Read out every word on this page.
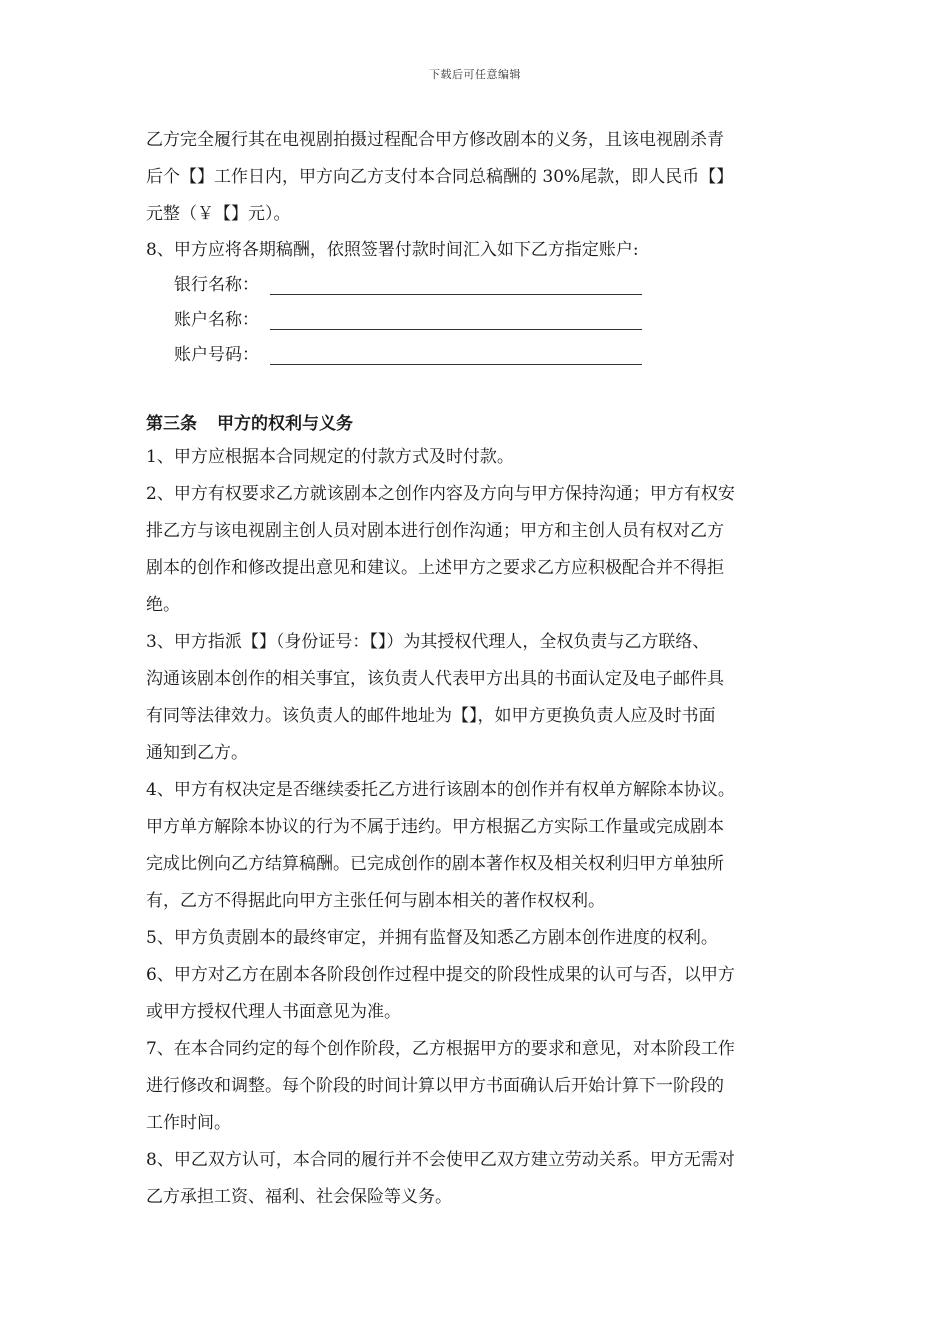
下载后可任意编辑

乙方完全履行其在电视剧拍摄过程配合甲方修改剧本的义务，且该电视剧杀青

后个【】工作日内，甲方向乙方支付本合同总稿酬的 30%尾款，即人民币【】

元整（￥【】元）。

8、甲方应将各期稿酬，依照签署付款时间汇入如下乙方指定账户:

银行名称：
账户名称：
账户号码：
第三条 甲方的权利与义务

1、甲方应根据本合同规定的付款方式及时付款。

2、甲方有权要求乙方就该剧本之创作内容及方向与甲方保持沟通；甲方有权安

排乙方与该电视剧主创人员对剧本进行创作沟通；甲方和主创人员有权对乙方

剧本的创作和修改提出意见和建议。上述甲方之要求乙方应积极配合并不得拒

绝。

3、甲方指派【】（身份证号：【】）为其授权代理人，全权负责与乙方联络、

沟通该剧本创作的相关事宜，该负责人代表甲方出具的书面认定及电子邮件具

有同等法律效力。该负责人的邮件地址为【】，如甲方更换负责人应及时书面

通知到乙方。

4、甲方有权决定是否继续委托乙方进行该剧本的创作并有权单方解除本协议。

甲方单方解除本协议的行为不属于违约。甲方根据乙方实际工作量或完成剧本

完成比例向乙方结算稿酬。已完成创作的剧本著作权及相关权利归甲方单独所

有，乙方不得据此向甲方主张任何与剧本相关的著作权权利。

5、甲方负责剧本的最终审定，并拥有监督及知悉乙方剧本创作进度的权利。

6、甲方对乙方在剧本各阶段创作过程中提交的阶段性成果的认可与否，以甲方

或甲方授权代理人书面意见为准。

7、在本合同约定的每个创作阶段，乙方根据甲方的要求和意见，对本阶段工作

进行修改和调整。每个阶段的时间计算以甲方书面确认后开始计算下一阶段的

工作时间。

8、甲乙双方认可，本合同的履行并不会使甲乙双方建立劳动关系。甲方无需对

乙方承担工资、福利、社会保险等义务。
